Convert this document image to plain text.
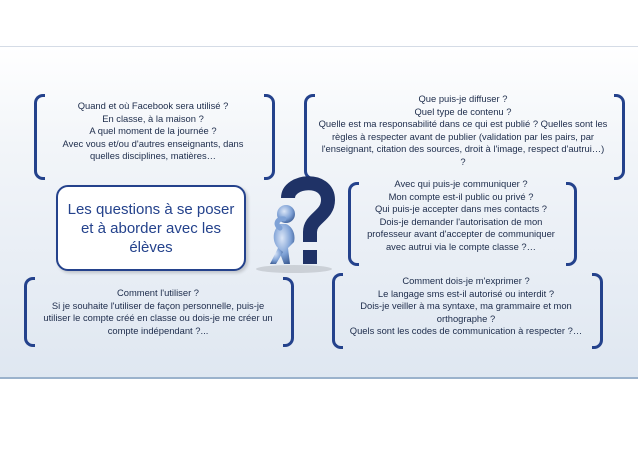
Quand et où Facebook sera utilisé ?
En classe, à la maison ?
A quel moment de la journée ?
Avec vous et/ou d'autres enseignants, dans
quelles disciplines, matières…
Que puis-je diffuser ?
Quel type de contenu ?
Quelle est ma responsabilité dans ce qui est publié ? Quelles sont les
règles à respecter avant de publier (validation par les pairs, par
l'enseignant, citation des sources, droit à l'image, respect d'autrui…)
?
Les questions à se poser
et à aborder avec les
élèves
Avec qui puis-je communiquer ?
Mon compte est-il public ou privé ?
Qui puis-je accepter dans mes contacts ?
Dois-je demander l'autorisation de mon
professeur avant d'accepter de communiquer
avec autrui via le compte classe ?…
Comment l'utiliser ?
Si je souhaite l'utiliser de façon personnelle, puis-je
utiliser le compte créé en classe ou dois-je me créer un
compte indépendant ?...
Comment dois-je m'exprimer ?
Le langage sms est-il autorisé ou interdit ?
Dois-je veiller à ma syntaxe, ma grammaire et mon
orthographe ?
Quels sont les codes de communication à respecter ?…
